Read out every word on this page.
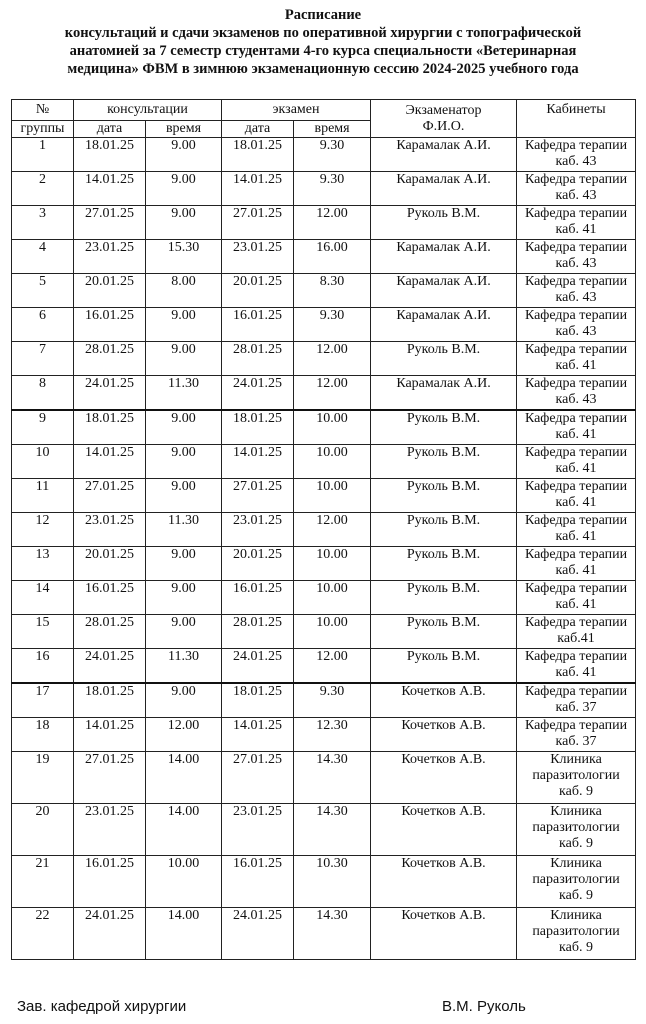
Расписание
консультаций и сдачи экзаменов по оперативной хирургии с топографической
анатомией за 7 семестр студентами 4-го курса специальности «Ветеринарная
медицина» ФВМ в зимнюю экзаменационную сессию 2024-2025 учебного года
№	консультации		экзамен		Экзаменатор
Ф.И.О.	Кабинеты
группы	дата	время	дата	время		
1	18.01.25	9.00	18.01.25	9.30	Карамалак А.И.	Кафедра терапии
каб. 43
2	14.01.25	9.00	14.01.25	9.30	Карамалак А.И.	Кафедра терапии
каб. 43
3	27.01.25	9.00	27.01.25	12.00	Руколь В.М.	Кафедра терапии
каб. 41
4	23.01.25	15.30	23.01.25	16.00	Карамалак А.И.	Кафедра терапии
каб. 43
5	20.01.25	8.00	20.01.25	8.30	Карамалак А.И.	Кафедра терапии
каб. 43
6	16.01.25	9.00	16.01.25	9.30	Карамалак А.И.	Кафедра терапии
каб. 43
7	28.01.25	9.00	28.01.25	12.00	Руколь В.М.	Кафедра терапии
каб. 41
8	24.01.25	11.30	24.01.25	12.00	Карамалак А.И.	Кафедра терапии
каб. 43
9	18.01.25	9.00	18.01.25	10.00	Руколь В.М.	Кафедра терапии
каб. 41
10	14.01.25	9.00	14.01.25	10.00	Руколь В.М.	Кафедра терапии
каб. 41
11	27.01.25	9.00	27.01.25	10.00	Руколь В.М.	Кафедра терапии
каб. 41
12	23.01.25	11.30	23.01.25	12.00	Руколь В.М.	Кафедра терапии
каб. 41
13	20.01.25	9.00	20.01.25	10.00	Руколь В.М.	Кафедра терапии
каб. 41
14	16.01.25	9.00	16.01.25	10.00	Руколь В.М.	Кафедра терапии
каб. 41
15	28.01.25	9.00	28.01.25	10.00	Руколь В.М.	Кафедра терапии
каб.41
16	24.01.25	11.30	24.01.25	12.00	Руколь В.М.	Кафедра терапии
каб. 41
17	18.01.25	9.00	18.01.25	9.30	Кочетков А.В.	Кафедра терапии
каб. 37
18	14.01.25	12.00	14.01.25	12.30	Кочетков А.В.	Кафедра терапии
каб. 37
19	27.01.25	14.00	27.01.25	14.30	Кочетков А.В.	Клиника
паразитологии
каб. 9
20	23.01.25	14.00	23.01.25	14.30	Кочетков А.В.	Клиника
паразитологии
каб. 9
21	16.01.25	10.00	16.01.25	10.30	Кочетков А.В.	Клиника
паразитологии
каб. 9
22	24.01.25	14.00	24.01.25	14.30	Кочетков А.В.	Клиника
паразитологии
каб. 9
Зав. кафедрой хирургии	В.М. Руколь
